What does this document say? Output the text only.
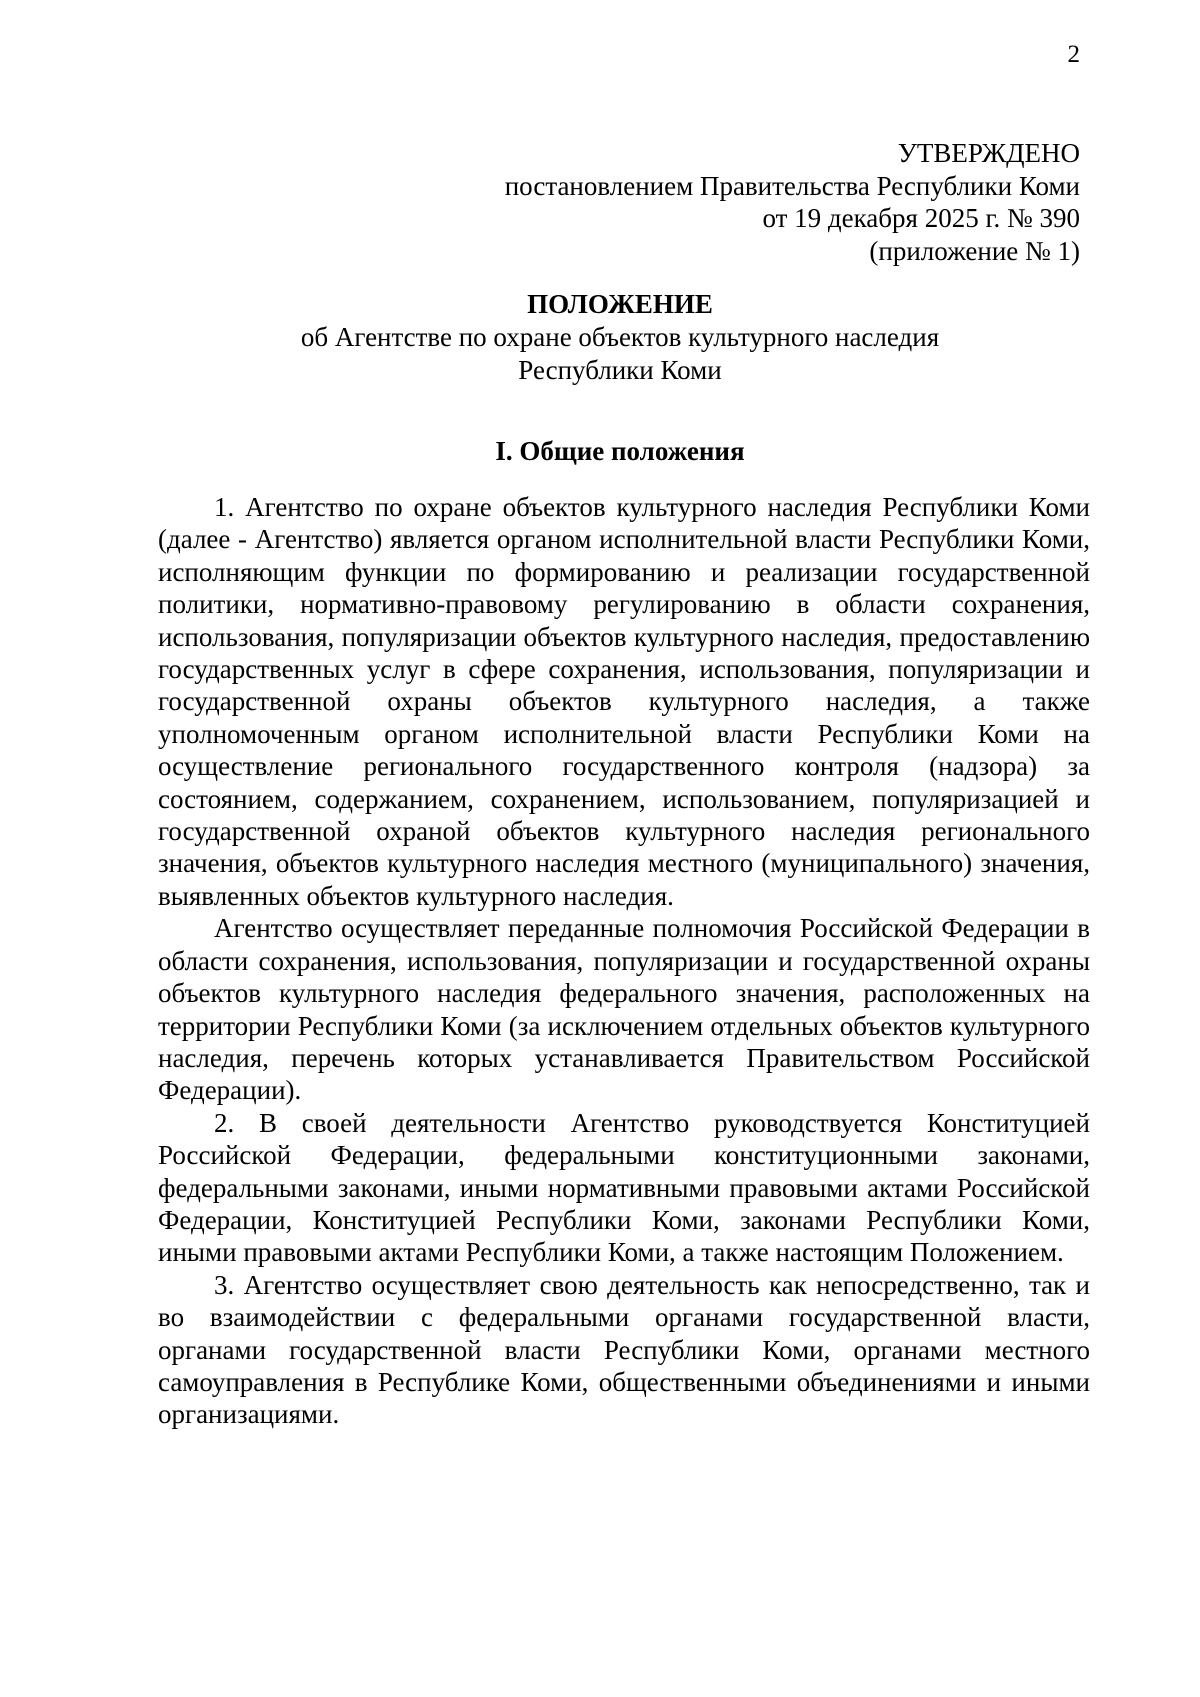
2
УТВЕРЖДЕНО
постановлением Правительства Республики Коми
от 19 декабря 2025 г. № 390
(приложение № 1)
ПОЛОЖЕНИЕ
об Агентстве по охране объектов культурного наследия
Республики Коми
I. Общие положения

1. Агентство по охране объектов культурного наследия Республики Коми (далее - Агентство) является органом исполнительной власти Республики Коми, исполняющим функции по формированию и реализации государственной политики, нормативно-правовому регулированию в области сохранения, использования, популяризации объектов культурного наследия, предоставлению государственных услуг в сфере сохранения, использования, популяризации и государственной охраны объектов культурного наследия, а также уполномоченным органом исполнительной власти Республики Коми на осуществление регионального государственного контроля (надзора) за состоянием, содержанием, сохранением, использованием, популяризацией и государственной охраной объектов культурного наследия регионального значения, объектов культурного наследия местного (муниципального) значения, выявленных объектов культурного наследия.

Агентство осуществляет переданные полномочия Российской Федерации в области сохранения, использования, популяризации и государственной охраны объектов культурного наследия федерального значения, расположенных на территории Республики Коми (за исключением отдельных объектов культурного наследия, перечень которых устанавливается Правительством Российской Федерации).

2. В своей деятельности Агентство руководствуется Конституцией Российской Федерации, федеральными конституционными законами, федеральными законами, иными нормативными правовыми актами Российской Федерации, Конституцией Республики Коми, законами Республики Коми, иными правовыми актами Республики Коми, а также настоящим Положением.

3. Агентство осуществляет свою деятельность как непосредственно, так и во взаимодействии с федеральными органами государственной власти, органами государственной власти Республики Коми, органами местного самоуправления в Республике Коми, общественными объединениями и иными организациями.
